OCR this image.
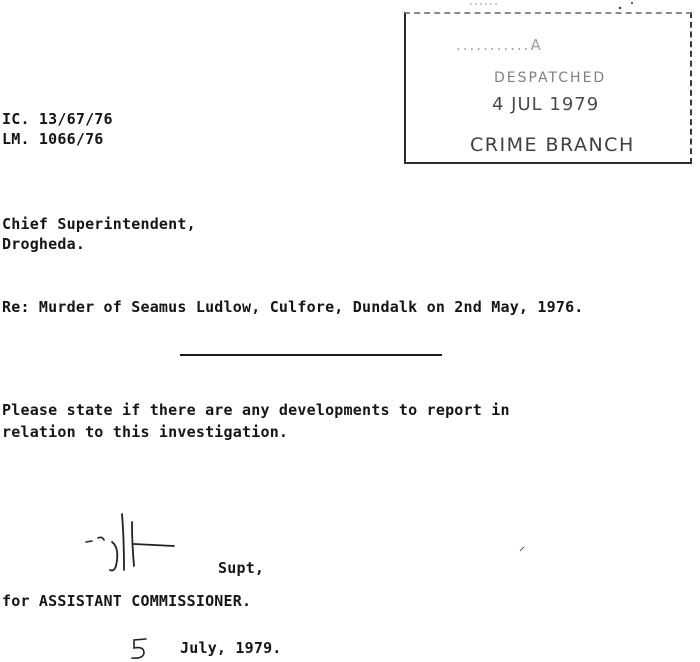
...........A
DESPATCHED
4 JUL 1979
CRIME BRANCH
IC. 13/67/76
LM. 1066/76
Chief Superintendent,
Drogheda.
Re: Murder of Seamus Ludlow, Culfore, Dundalk on 2nd May, 1976.
Please state if there are any developments to report in
relation to this investigation.
Supt,
for ASSISTANT COMMISSIONER.
July, 1979.
